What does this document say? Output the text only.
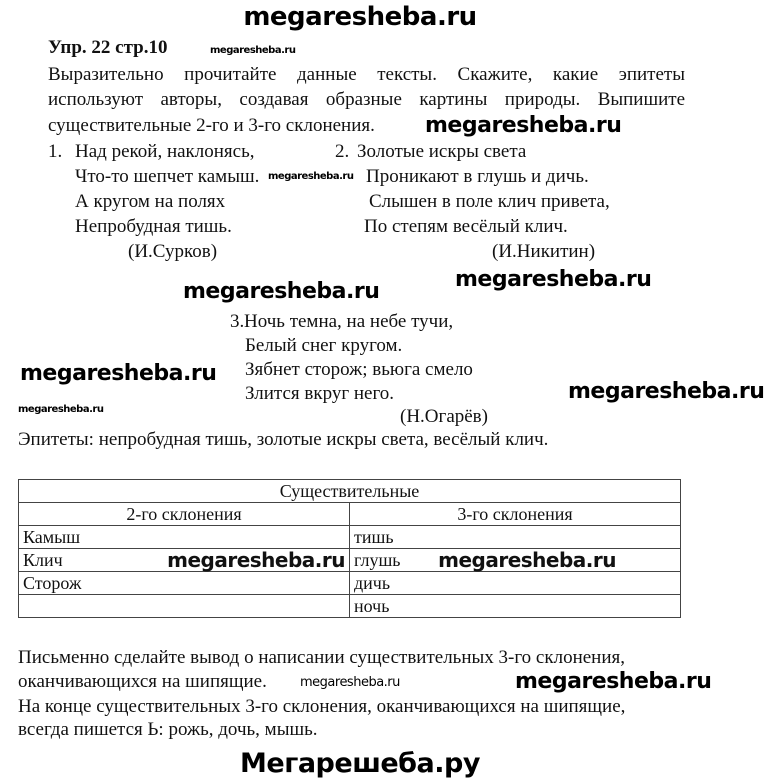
megaresheba.ru
Упр. 22 стр.10	megaresheba.ru
Выразительно прочитайте данные тексты. Скажите, какие эпитеты
используют авторы, создавая образные картины природы. Выпишите
существительные 2-го и 3-го склонения. megaresheba.ru
1. Над рекой, наклонясь,
Что-то шепчет камыш. megaresheba.ru
А кругом на полях
Непробудная тишь.
(И.Сурков)
2. Золотые искры света
Проникают в глушь и дичь.
Слышен в поле клич привета,
По степям весёлый клич.
(И.Никитин)
megaresheba.ru
megaresheba.ru
3. Ночь темна, на небе тучи,
Белый снег кругом.
Зябнет сторож; вьюга смело
Злится вкруг него.
(Н.Огарёв)
megaresheba.ru
megaresheba.ru
megaresheba.ru
Эпитеты: непробудная тишь, золотые искры света, весёлый клич.
Существительные	
2-го склонения	3-го склонения
Камыш	тишь
Клич megaresheba.ru	глушь megaresheba.ru

Сторож	дичь
	ночь
Письменно сделайте вывод о написании существительных 3-го склонения,
оканчивающихся на шипящие.	megaresheba.ru	megaresheba.ru
На конце существительных 3-го склонения, оканчивающихся на шипящие,
всегда пишется Ь: рожь, дочь, мышь.
Мегарешеба.ру
